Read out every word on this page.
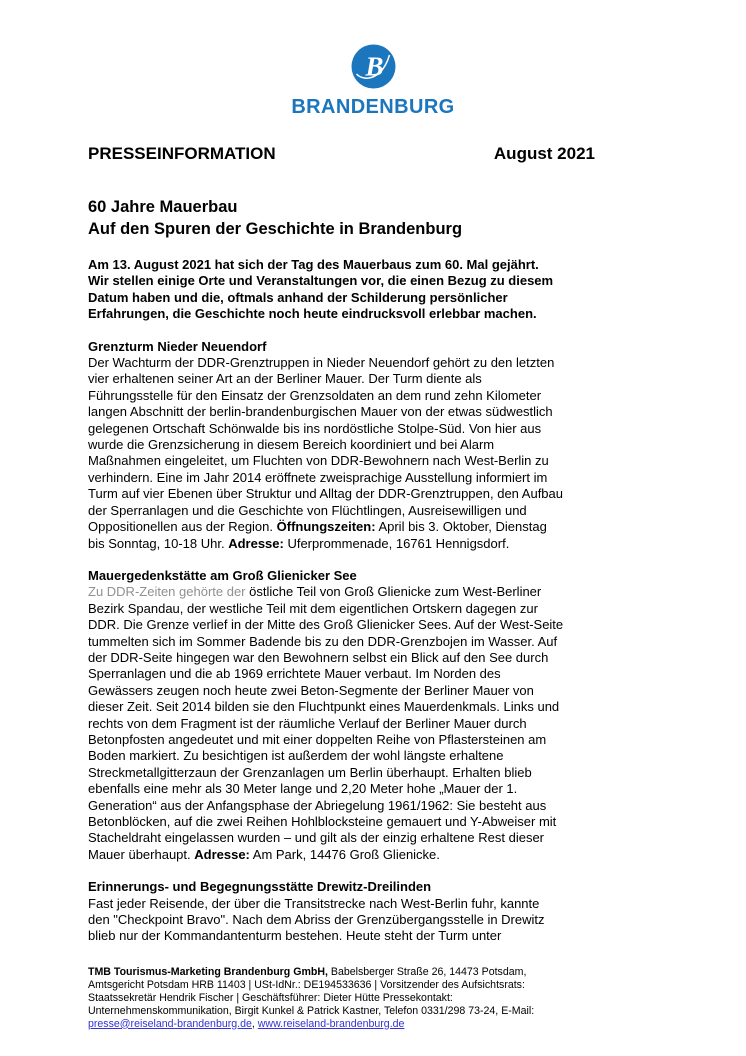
B
BRANDENBURG
PRESSEINFORMATION	August 2021
60 Jahre Mauerbau
Auf den Spuren der Geschichte in Brandenburg

Am 13. August 2021 hat sich der Tag des Mauerbaus zum 60. Mal gejährt.
Wir stellen einige Orte und Veranstaltungen vor, die einen Bezug zu diesem
Datum haben und die, oftmals anhand der Schilderung persönlicher
Erfahrungen, die Geschichte noch heute eindrucksvoll erlebbar machen.

Grenzturm Nieder Neuendorf

Der Wachturm der DDR-Grenztruppen in Nieder Neuendorf gehört zu den letzten
vier erhaltenen seiner Art an der Berliner Mauer. Der Turm diente als
Führungsstelle für den Einsatz der Grenzsoldaten an dem rund zehn Kilometer
langen Abschnitt der berlin-brandenburgischen Mauer von der etwas südwestlich
gelegenen Ortschaft Schönwalde bis ins nordöstliche Stolpe-Süd. Von hier aus
wurde die Grenzsicherung in diesem Bereich koordiniert und bei Alarm
Maßnahmen eingeleitet, um Fluchten von DDR-Bewohnern nach West-Berlin zu
verhindern. Eine im Jahr 2014 eröffnete zweisprachige Ausstellung informiert im
Turm auf vier Ebenen über Struktur und Alltag der DDR-Grenztruppen, den Aufbau
der Sperranlagen und die Geschichte von Flüchtlingen, Ausreisewilligen und
Oppositionellen aus der Region. Öffnungszeiten: April bis 3. Oktober, Dienstag
bis Sonntag, 10-18 Uhr. Adresse: Uferprommenade, 16761 Hennigsdorf.

Mauergedenkstätte am Groß Glienicker See

Zu DDR-Zeiten gehörte der östliche Teil von Groß Glienicke zum West-Berliner
Bezirk Spandau, der westliche Teil mit dem eigentlichen Ortskern dagegen zur
DDR. Die Grenze verlief in der Mitte des Groß Glienicker Sees. Auf der West-Seite
tummelten sich im Sommer Badende bis zu den DDR-Grenzbojen im Wasser. Auf
der DDR-Seite hingegen war den Bewohnern selbst ein Blick auf den See durch
Sperranlagen und die ab 1969 errichtete Mauer verbaut. Im Norden des
Gewässers zeugen noch heute zwei Beton-Segmente der Berliner Mauer von
dieser Zeit. Seit 2014 bilden sie den Fluchtpunkt eines Mauerdenkmals. Links und
rechts von dem Fragment ist der räumliche Verlauf der Berliner Mauer durch
Betonpfosten angedeutet und mit einer doppelten Reihe von Pflastersteinen am
Boden markiert. Zu besichtigen ist außerdem der wohl längste erhaltene
Streckmetallgitterzaun der Grenzanlagen um Berlin überhaupt. Erhalten blieb
ebenfalls eine mehr als 30 Meter lange und 2,20 Meter hohe „Mauer der 1.
Generation“ aus der Anfangsphase der Abriegelung 1961/1962: Sie besteht aus
Betonblöcken, auf die zwei Reihen Hohlblocksteine gemauert und Y-Abweiser mit
Stacheldraht eingelassen wurden – und gilt als der einzig erhaltene Rest dieser
Mauer überhaupt. Adresse: Am Park, 14476 Groß Glienicke.

Erinnerungs- und Begegnungsstätte Drewitz-Dreilinden

Fast jeder Reisende, der über die Transitstrecke nach West-Berlin fuhr, kannte
den "Checkpoint Bravo". Nach dem Abriss der Grenzübergangsstelle in Drewitz
blieb nur der Kommandantenturm bestehen. Heute steht der Turm unter

TMB Tourismus-Marketing Brandenburg GmbH, Babelsberger Straße 26, 14473 Potsdam,
Amtsgericht Potsdam HRB 11403 | USt-IdNr.: DE194533636 | Vorsitzender des Aufsichtsrats:
Staatssekretär Hendrik Fischer | Geschäftsführer: Dieter Hütte Pressekontakt:
Unternehmenskommunikation, Birgit Kunkel & Patrick Kastner, Telefon 0331/298 73-24, E-Mail:
presse@reiseland-brandenburg.de, www.reiseland-brandenburg.de
